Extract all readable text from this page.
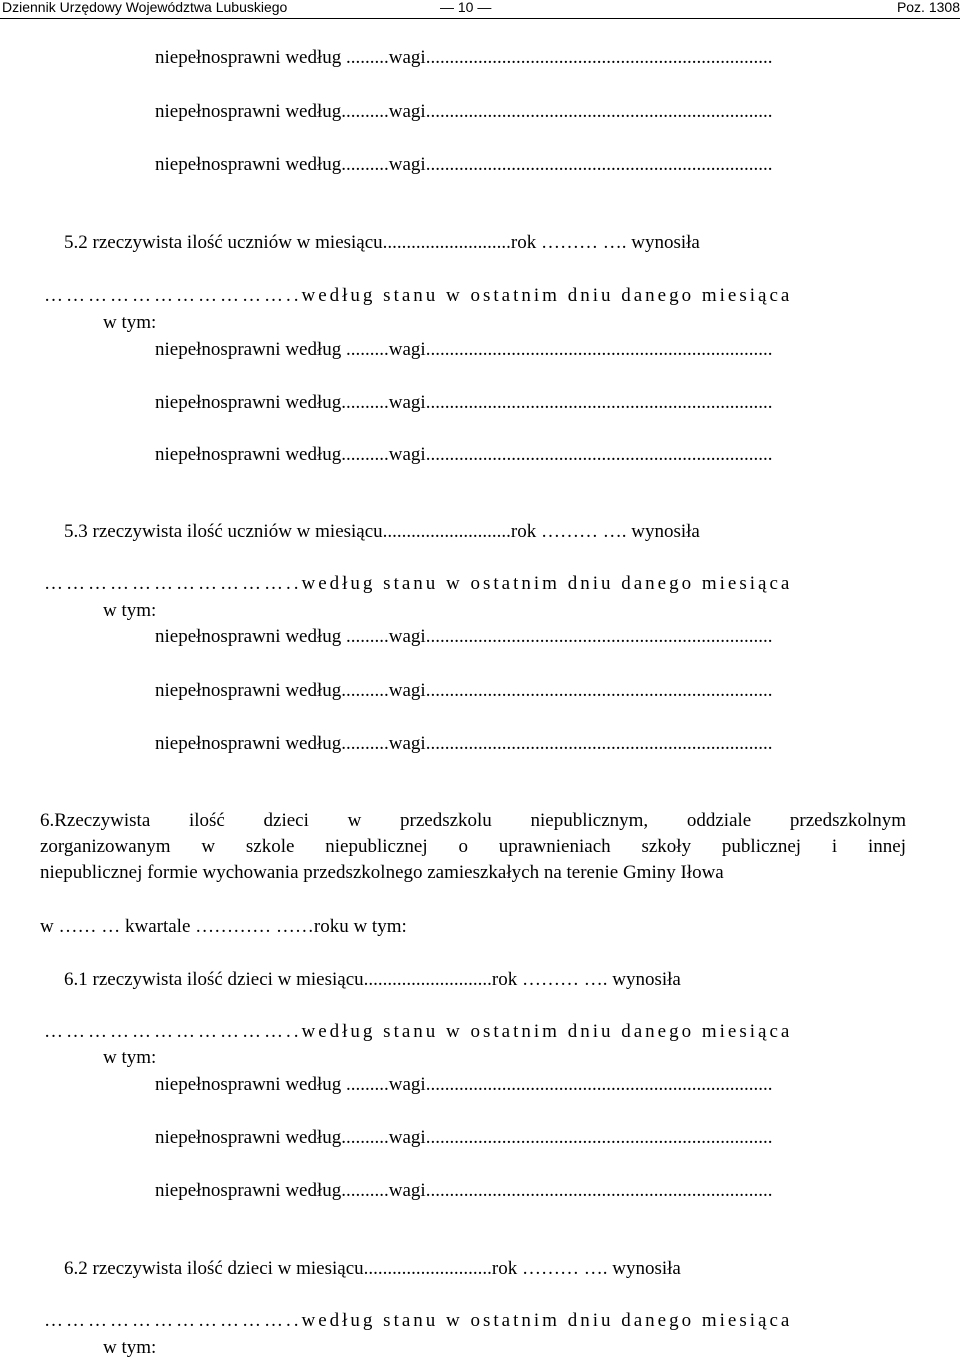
Dziennik Urzędowy Województwa Lubuskiego	— 10 —	Poz. 1308
niepełnosprawni według .........wagi.........................................................................
niepełnosprawni według..........wagi.........................................................................
niepełnosprawni według..........wagi.........................................................................
5.2 rzeczywista ilość uczniów w miesiącu...........................rok ……… …. wynosiła
……………………………..według stanu w ostatnim dniu danego miesiąca
w tym:
niepełnosprawni według .........wagi.........................................................................
niepełnosprawni według..........wagi.........................................................................
niepełnosprawni według..........wagi.........................................................................
5.3 rzeczywista ilość uczniów w miesiącu...........................rok ……… …. wynosiła
……………………………..według stanu w ostatnim dniu danego miesiąca
w tym:
niepełnosprawni według .........wagi.........................................................................
niepełnosprawni według..........wagi.........................................................................
niepełnosprawni według..........wagi.........................................................................
6.Rzeczywista ilość dzieci w przedszkolu niepublicznym, oddziale przedszkolnym
zorganizowanym w szkole niepublicznej o uprawnieniach szkoły publicznej i innej
niepublicznej formie wychowania przedszkolnego zamieszkałych na terenie Gminy Iłowa
w …… … kwartale ………… ……roku w tym:
6.1 rzeczywista ilość dzieci w miesiącu...........................rok ……… …. wynosiła
……………………………..według stanu w ostatnim dniu danego miesiąca
w tym:
niepełnosprawni według .........wagi.........................................................................
niepełnosprawni według..........wagi.........................................................................
niepełnosprawni według..........wagi.........................................................................
6.2 rzeczywista ilość dzieci w miesiącu...........................rok ……… …. wynosiła
……………………………..według stanu w ostatnim dniu danego miesiąca
w tym:
